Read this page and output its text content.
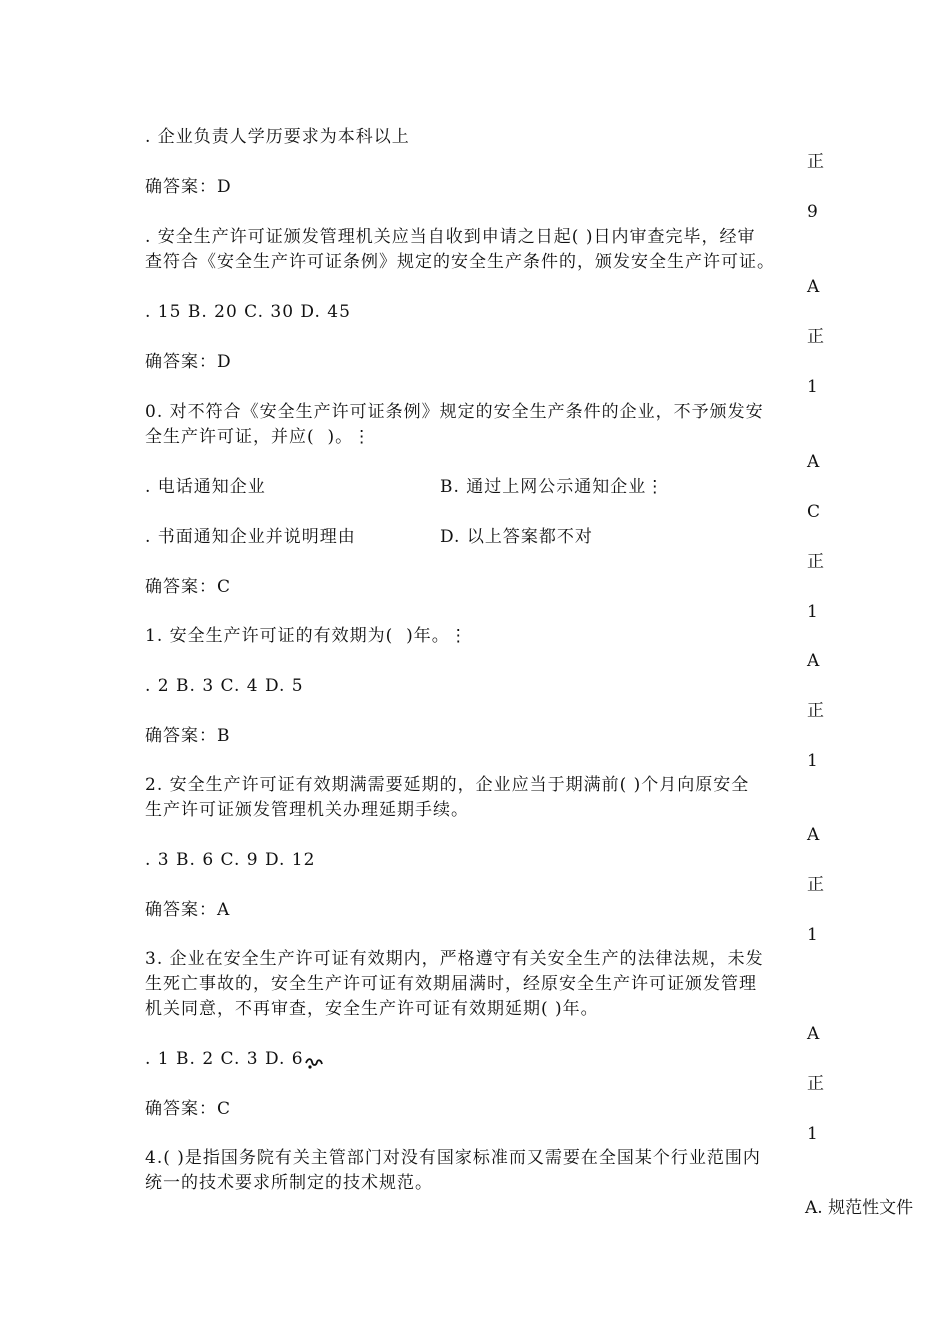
. 企业负责人学历要求为本科以上
正
确答案：D
9
. 安全生产许可证颁发管理机关应当自收到申请之日起( )日内审查完毕，经审
查符合《安全生产许可证条例》规定的安全生产条件的，颁发安全生产许可证。
A
. 15 B. 20 C. 30 D. 45
正
确答案：D
1
0. 对不符合《安全生产许可证条例》规定的安全生产条件的企业，不予颁发安
全生产许可证，并应(  )。⋮
A
. 电话通知企业	B. 通过上网公示通知企业⋮
C
. 书面通知企业并说明理由	D. 以上答案都不对
正
确答案：C
1
1. 安全生产许可证的有效期为(  )年。⋮
A
. 2 B. 3 C. 4 D. 5
正
确答案：B
1
2. 安全生产许可证有效期满需要延期的，企业应当于期满前( )个月向原安全
生产许可证颁发管理机关办理延期手续。
A
. 3 B. 6 C. 9 D. 12
正
确答案：A
1
3. 企业在安全生产许可证有效期内，严格遵守有关安全生产的法律法规，未发
生死亡事故的，安全生产许可证有效期届满时，经原安全生产许可证颁发管理
机关同意，不再审查，安全生产许可证有效期延期( )年。
A
. 1 B. 2 C. 3 D. 6
正
确答案：C
1
4.( )是指国务院有关主管部门对没有国家标准而又需要在全国某个行业范围内
统一的技术要求所制定的技术规范。
A. 规范性文件
